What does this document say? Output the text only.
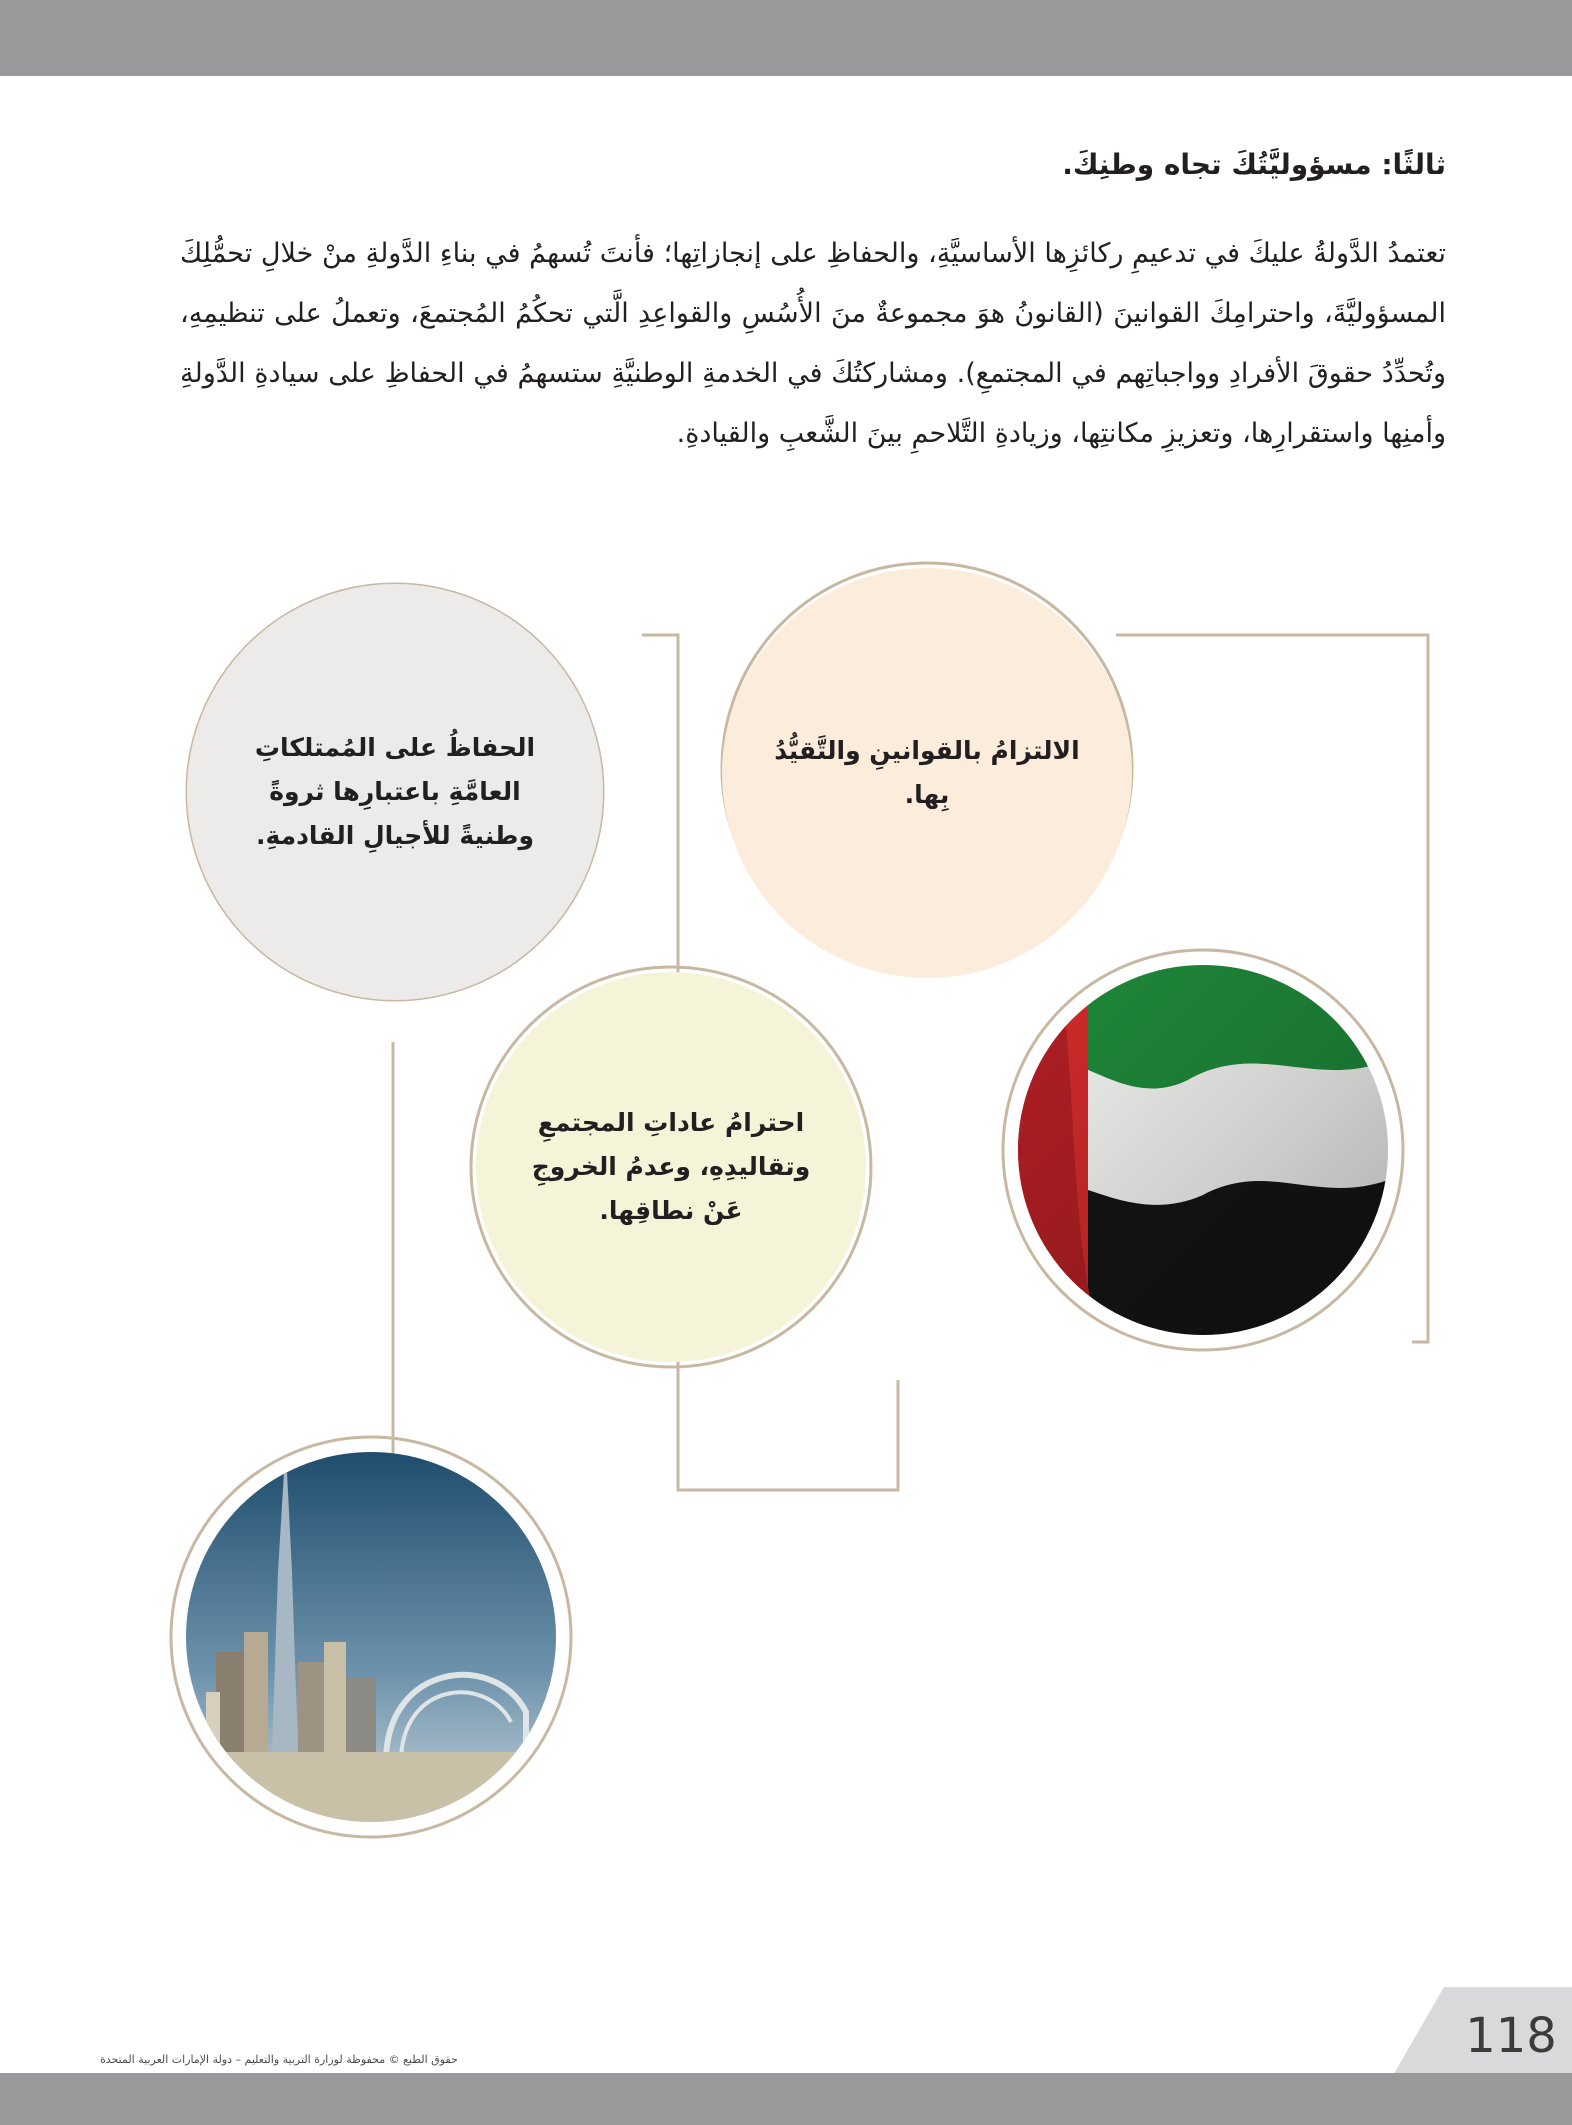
ثالثًا: مسؤوليَّتُكَ تجاه وطنِكَ.

تعتمدُ الدَّولةُ عليكَ في تدعيمِ ركائزِها الأساسيَّةِ، والحفاظِ على إنجازاتِها؛ فأنتَ تُسهمُ في بناءِ الدَّولةِ منْ خلالِ تحمُّلِكَ المسؤوليَّةَ، واحترامِكَ القوانينَ (القانونُ هوَ مجموعةٌ منَ الأُسُسِ والقواعِدِ الَّتي تحكُمُ المُجتمعَ، وتعملُ على تنظيمِهِ، وتُحدِّدُ حقوقَ الأفرادِ وواجباتِهم في المجتمعِ). ومشاركتُكَ في الخدمةِ الوطنيَّةِ ستسهمُ في الحفاظِ على سيادةِ الدَّولةِ وأمنِها واستقرارِها، وتعزيزِ مكانتِها، وزيادةِ التَّلاحمِ بينَ الشَّعبِ والقيادةِ.

الالتزامُ بالقوانينِ والتَّقيُّدُ بِها.
الحفاظُ على المُمتلكاتِ العامَّةِ باعتبارِها ثروةً وطنيةً للأجيالِ القادمةِ.
احترامُ عاداتِ المجتمعِ وتقاليدِهِ، وعدمُ الخروجِ عَنْ نطاقِها.
118

حقوق الطبع © محفوظة لوزارة التربية والتعليم – دولة الإمارات العربية المتحدة
